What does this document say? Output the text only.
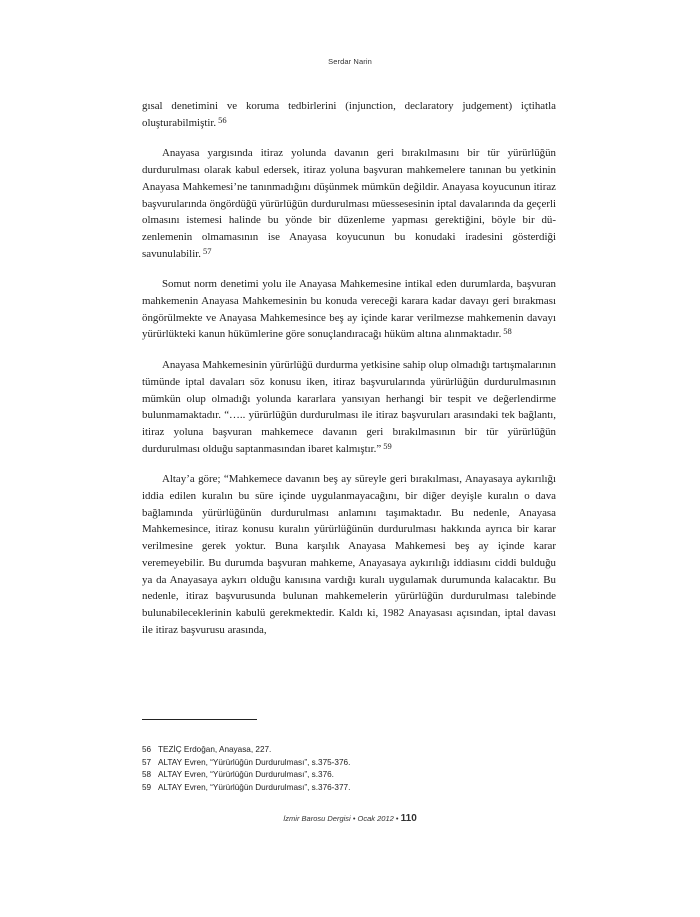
Serdar Narin

gısal denetimini ve koruma tedbirlerini (injunction, declaratory judgement) içtihatla oluşturabilmiştir. $^{56}$

Anayasa yargısında itiraz yolunda davanın geri bırakılmasını bir tür yürürlüğün durdurulması olarak kabul edersek, itiraz yoluna başvuran mahkemelere tanınan bu yetkinin Anayasa Mahkemesi’ne tanınmadığını düşünmek mümkün değildir. Anayasa koyucunun itiraz başvurularında öngördüğü yürürlüğün durdurulması müessesesinin iptal davalarında da geçerli olmasını istemesi halinde bu yönde bir düzenleme yapması gerektiğini, böyle bir düzenlemenin olmamasının ise Anayasa koyucunun bu konudaki iradesini gösterdiği savunulabilir. $^{57}$

Somut norm denetimi yolu ile Anayasa Mahkemesine intikal eden durumlarda, başvuran mahkemenin Anayasa Mahkemesinin bu konuda vereceği karara kadar davayı geri bırakması öngörülmekte ve Anayasa Mahkemesince beş ay içinde karar verilmezse mahkemenin davayı yürürlükteki kanun hükümlerine göre sonuçlandıracağı hüküm altına alınmaktadır. $^{58}$

Anayasa Mahkemesinin yürürlüğü durdurma yetkisine sahip olup olmadığı tartışmalarının tümünde iptal davaları söz konusu iken, itiraz başvurularında yürürlüğün durdurulmasının mümkün olup olmadığı yolunda kararlara yansıyan herhangi bir tespit ve değerlendirme bulunmamaktadır. “….. yürürlüğün durdurulması ile itiraz başvuruları arasındaki tek bağlantı, itiraz yoluna başvuran mahkemece davanın geri bırakılmasının bir tür yürürlüğün durdurulması olduğu saptanmasından ibaret kalmıştır.” $^{59}$

Altay’a göre; “Mahkemece davanın beş ay süreyle geri bırakılması, Anayasaya aykırılığı iddia edilen kuralın bu süre içinde uygulanmayacağını, bir diğer deyişle kuralın o dava bağlamında yürürlüğünün durdurulması anlamını taşımaktadır. Bu nedenle, Anayasa Mahkemesince, itiraz konusu kuralın yürürlüğünün durdurulması hakkında ayrıca bir karar verilmesine gerek yoktur. Buna karşılık Anayasa Mahkemesi beş ay içinde karar veremeyebilir. Bu durumda başvuran mahkeme, Anayasaya aykırılığı iddiasını ciddi bulduğu ya da Anayasaya aykırı olduğu kanısına vardığı kuralı uygulamak durumunda kalacaktır. Bu nedenle, itiraz başvurusunda bulunan mahkemelerin yürürlüğün durdurulması talebinde bulunabileceklerinin kabulü gerekmektedir. Kaldı ki, 1982 Anayasası açısından, iptal davası ile itiraz başvurusu arasında,

56 TEZİÇ Erdoğan, Anayasa, 227.
57 ALTAY Evren, “Yürürlüğün Durdurulması”, s.375-376.
58 ALTAY Evren, “Yürürlüğün Durdurulması”, s.376.
59 ALTAY Evren, “Yürürlüğün Durdurulması”, s.376-377.
İzmir Barosu Dergisi • Ocak 2012 • 110
